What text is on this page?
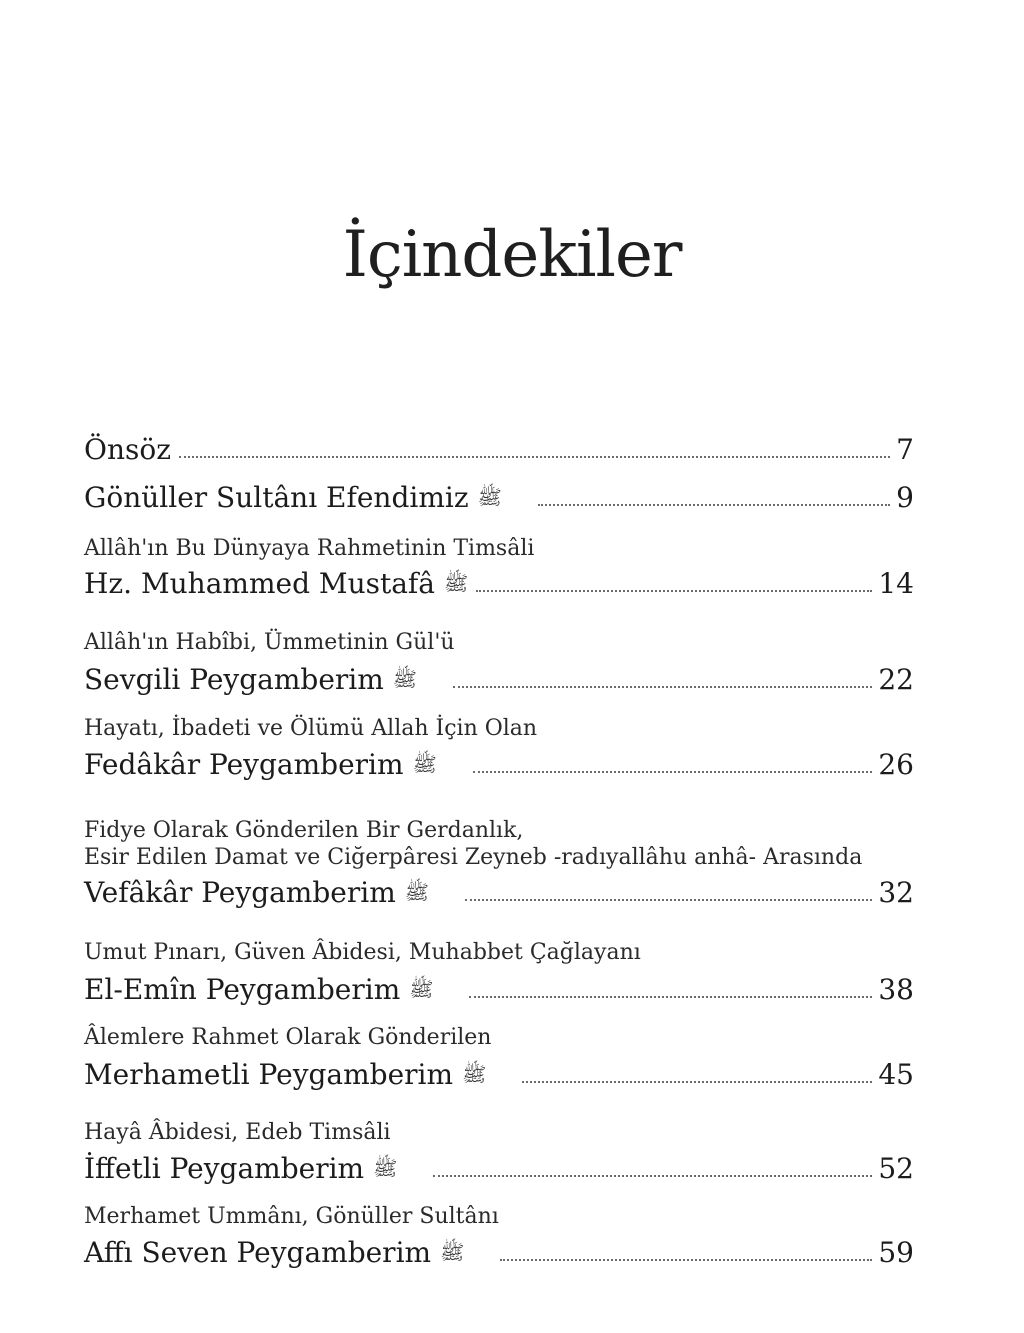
İçindekiler
Önsöz	7
Gönüller Sultânı Efendimiz ﷺ	9
Allâh'ın Bu Dünyaya Rahmetinin Timsâli
Hz. Muhammed Mustafâ ﷺ	14
Allâh'ın Habîbi, Ümmetinin Gül'ü
Sevgili Peygamberim ﷺ	22
Hayatı, İbadeti ve Ölümü Allah İçin Olan
Fedâkâr Peygamberim ﷺ	26
Fidye Olarak Gönderilen Bir Gerdanlık,
Esir Edilen Damat ve Ciğerpâresi Zeyneb -radıyallâhu anhâ- Arasında
Vefâkâr Peygamberim ﷺ	32
Umut Pınarı, Güven Âbidesi, Muhabbet Çağlayanı
El-Emîn Peygamberim ﷺ	38
Âlemlere Rahmet Olarak Gönderilen
Merhametli Peygamberim ﷺ	45
Hayâ Âbidesi, Edeb Timsâli
İffetli Peygamberim ﷺ	52
Merhamet Ummânı, Gönüller Sultânı
Affı Seven Peygamberim ﷺ	59
